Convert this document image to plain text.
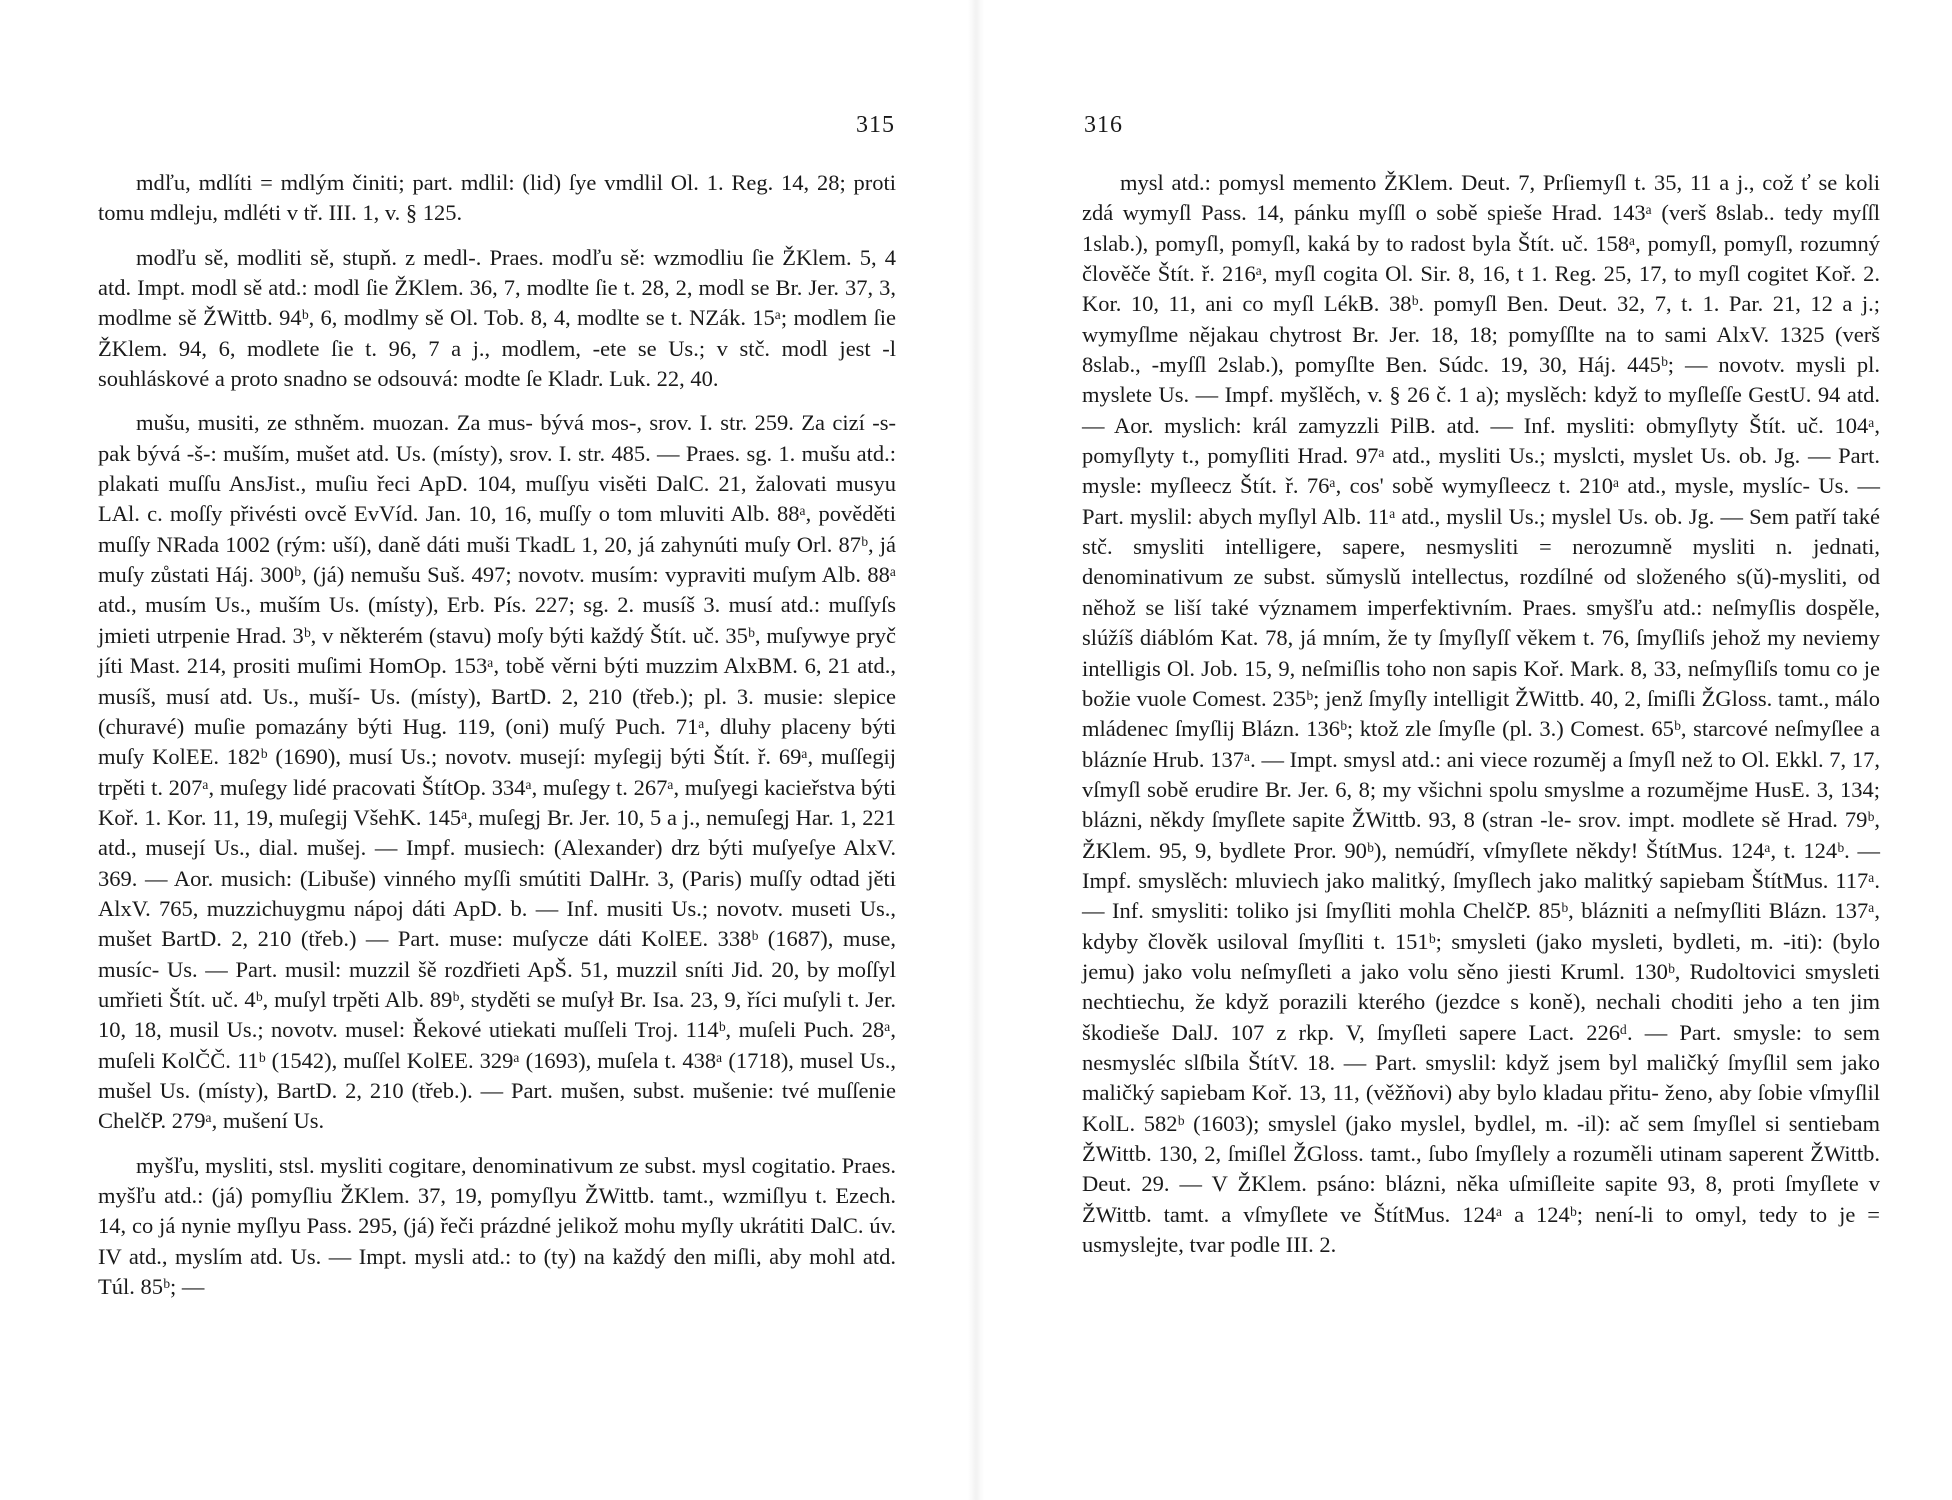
315

mdľu, mdlíti = mdlým činiti; part. mdlil: (lid) ſye vmdlil Ol. 1. Reg. 14, 28; proti tomu mdleju, mdléti v tř. III. 1, v. § 125.

modľu sě, modliti sě, stupň. z medl-. Praes. modľu sě: wzmodliu ſie ŽKlem. 5, 4 atd. Impt. modl sě atd.: modl ſie ŽKlem. 36, 7, modlte ſie t. 28, 2, modl se Br. Jer. 37, 3, modlme sě ŽWittb. 94ᵇ, 6, modlmy sě Ol. Tob. 8, 4, modlte se t. NZák. 15ᵃ; modlem ſie ŽKlem. 94, 6, modlete ſie t. 96, 7 a j., modlem, -ete se Us.; v stč. modl jest -l souhláskové a proto snadno se odsouvá: modte ſe Kladr. Luk. 22, 40.

mušu, musiti, ze sthněm. muozan. Za mus- bývá mos-, srov. I. str. 259. Za cizí -s- pak bývá -š-: muším, mušet atd. Us. (místy), srov. I. str. 485. — Praes. sg. 1. mušu atd.: plakati muſſu AnsJist., muſiu řeci ApD. 104, muſſyu visěti DalC. 21, žalovati musyu LAl. c. moſſy přivésti ovcě EvVíd. Jan. 10, 16, muſſy o tom mluviti Alb. 88ᵃ, pověděti muſſy NRada 1002 (rým: uší), daně dáti muši TkadL 1, 20, já zahynúti muſy Orl. 87ᵇ, já muſy zůstati Háj. 300ᵇ, (já) nemušu Suš. 497; novotv. musím: vypraviti muſym Alb. 88ᵃ atd., musím Us., muším Us. (místy), Erb. Pís. 227; sg. 2. musíš 3. musí atd.: muſſyſs jmieti utrpenie Hrad. 3ᵇ, v některém (stavu) moſy býti každý Štít. uč. 35ᵇ, muſywye pryč jíti Mast. 214, prositi muſimi HomOp. 153ᵃ, tobě věrni býti muzzim AlxBM. 6, 21 atd., musíš, musí atd. Us., muší- Us. (místy), BartD. 2, 210 (třeb.); pl. 3. musie: slepice (churavé) muſie pomazány býti Hug. 119, (oni) muſý Puch. 71ᵃ, dluhy placeny býti muſy KolEE. 182ᵇ (1690), musí Us.; novotv. musejí: myſegij býti Štít. ř. 69ᵃ, muſſegij trpěti t. 207ᵃ, muſegy lidé pracovati ŠtítOp. 334ᵃ, muſegy t. 267ᵃ, muſyegi kacieřstva býti Koř. 1. Kor. 11, 19, muſegij VšehK. 145ᵃ, muſegj Br. Jer. 10, 5 a j., nemuſegj Har. 1, 221 atd., musejí Us., dial. mušej. — Impf. musiech: (Alexander) drz býti muſyeſye AlxV. 369. — Aor. musich: (Libuše) vinného myſſi smútiti DalHr. 3, (Paris) muſſy odtad jěti AlxV. 765, muzzichuygmu nápoj dáti ApD. b. — Inf. musiti Us.; novotv. museti Us., mušet BartD. 2, 210 (třeb.) — Part. muse: muſycze dáti KolEE. 338ᵇ (1687), muse, musíc- Us. — Part. musil: muzzil šě rozdřieti ApŠ. 51, muzzil sníti Jid. 20, by moſſyl umřieti Štít. uč. 4ᵇ, muſyl trpěti Alb. 89ᵇ, styděti se muſył Br. Isa. 23, 9, říci muſyli t. Jer. 10, 18, musil Us.; novotv. musel: Řekové utiekati muſſeli Troj. 114ᵇ, muſeli Puch. 28ᵃ, muſeli KolČČ. 11ᵇ (1542), muſſel KolEE. 329ᵃ (1693), muſela t. 438ᵃ (1718), musel Us., mušel Us. (místy), BartD. 2, 210 (třeb.). — Part. mušen, subst. mušenie: tvé muſſenie ChelčP. 279ᵃ, mušení Us.

myšľu, mysliti, stsl. mysliti cogitare, denominativum ze subst. mysl cogitatio. Praes. myšľu atd.: (já) pomyſliu ŽKlem. 37, 19, pomyſlyu ŽWittb. tamt., wzmiſlyu t. Ezech. 14, co já nynie myſlyu Pass. 295, (já) řeči prázdné jelikož mohu myſly ukrátiti DalC. úv. IV atd., myslím atd. Us. — Impt. mysli atd.: to (ty) na každý den miſli, aby mohl atd. Túl. 85ᵇ; —

316

mysl atd.: pomysl memento ŽKlem. Deut. 7, Prſiemyſl t. 35, 11 a j., což ť se koli zdá wymyſl Pass. 14, pánku myſſl o sobě spieše Hrad. 143ᵃ (verš 8slab.. tedy myſſl 1slab.), pomyſl, pomyſl, kaká by to radost byla Štít. uč. 158ᵃ, pomyſl, pomyſl, rozumný člověče Štít. ř. 216ᵃ, myſl cogita Ol. Sir. 8, 16, t 1. Reg. 25, 17, to myſl cogitet Koř. 2. Kor. 10, 11, ani co myſl LékB. 38ᵇ. pomyſl Ben. Deut. 32, 7, t. 1. Par. 21, 12 a j.; wymyſlme nějakau chytrost Br. Jer. 18, 18; pomyſſlte na to sami AlxV. 1325 (verš 8slab., -myſſl 2slab.), pomyſlte Ben. Súdc. 19, 30, Háj. 445ᵇ; — novotv. mysli pl. myslete Us. — Impf. myšlěch, v. § 26 č. 1 a); myslěch: když to myſleſſe GestU. 94 atd. — Aor. myslich: král zamyzzli PilB. atd. — Inf. mysliti: obmyſlyty Štít. uč. 104ᵃ, pomyſlyty t., pomyſliti Hrad. 97ᵃ atd., mysliti Us.; myslcti, myslet Us. ob. Jg. — Part. mysle: myſleecz Štít. ř. 76ᵃ, cos' sobě wymyſleecz t. 210ᵃ atd., mysle, myslíc- Us. — Part. myslil: abych myſlyl Alb. 11ᵃ atd., myslil Us.; myslel Us. ob. Jg. — Sem patří také stč. smysliti intelligere, sapere, nesmysliti = nerozumně mysliti n. jednati, denominativum ze subst. sǔmyslǔ intellectus, rozdílné od složeného s(ǔ)-mysliti, od něhož se liší také významem imperfektivním. Praes. smyšľu atd.: neſmyſlis dospěle, slúžíš diáblóm Kat. 78, já mním, že ty ſmyſlyſſ věkem t. 76, ſmyſliſs jehož my neviemy intelligis Ol. Job. 15, 9, neſmiſlis toho non sapis Koř. Mark. 8, 33, neſmyſliſs tomu co je božie vuole Comest. 235ᵇ; jenž ſmyſly intelligit ŽWittb. 40, 2, ſmiſli ŽGloss. tamt., málo mládenec ſmyſlij Blázn. 136ᵇ; ktož zle ſmyſle (pl. 3.) Comest. 65ᵇ, starcové neſmyſlee a blázníe Hrub. 137ᵃ. — Impt. smysl atd.: ani viece rozuměj a ſmyſl než to Ol. Ekkl. 7, 17, vſmyſl sobě erudire Br. Jer. 6, 8; my všichni spolu smyslme a rozumějme HusE. 3, 134; blázni, někdy ſmyſlete sapite ŽWittb. 93, 8 (stran -le- srov. impt. modlete sě Hrad. 79ᵇ, ŽKlem. 95, 9, bydlete Pror. 90ᵇ), nemúdří, vſmyſlete někdy! ŠtítMus. 124ᵃ, t. 124ᵇ. — Impf. smyslěch: mluviech jako malitký, ſmyſlech jako malitký sapiebam ŠtítMus. 117ᵃ. — Inf. smysliti: toliko jsi ſmyſliti mohla ChelčP. 85ᵇ, blázniti a neſmyſliti Blázn. 137ᵃ, kdyby člověk usiloval ſmyſliti t. 151ᵇ; smysleti (jako mysleti, bydleti, m. -iti): (bylo jemu) jako volu neſmyſleti a jako volu sěno jiesti Kruml. 130ᵇ, Rudoltovici smysleti nechtiechu, že když porazili kterého (jezdce s koně), nechali choditi jeho a ten jim škodieše DalJ. 107 z rkp. V, ſmyſleti sapere Lact. 226ᵈ. — Part. smysle: to sem nesmysléc slſbila ŠtítV. 18. — Part. smyslil: když jsem byl maličký ſmyſlil sem jako maličký sapiebam Koř. 13, 11, (věžňovi) aby bylo kladau přitu- ženo, aby ſobie vſmyſlil KolL. 582ᵇ (1603); smyslel (jako myslel, bydlel, m. -il): ač sem ſmyſlel si sentiebam ŽWittb. 130, 2, ſmiſlel ŽGloss. tamt., ſubo ſmyſlely a rozuměli utinam saperent ŽWittb. Deut. 29. — V ŽKlem. psáno: blázni, něka uſmiſleite sapite 93, 8, proti ſmyſlete v ŽWittb. tamt. a vſmyſlete ve ŠtítMus. 124ᵃ a 124ᵇ; není-li to omyl, tedy to je = usmyslejte, tvar podle III. 2.
